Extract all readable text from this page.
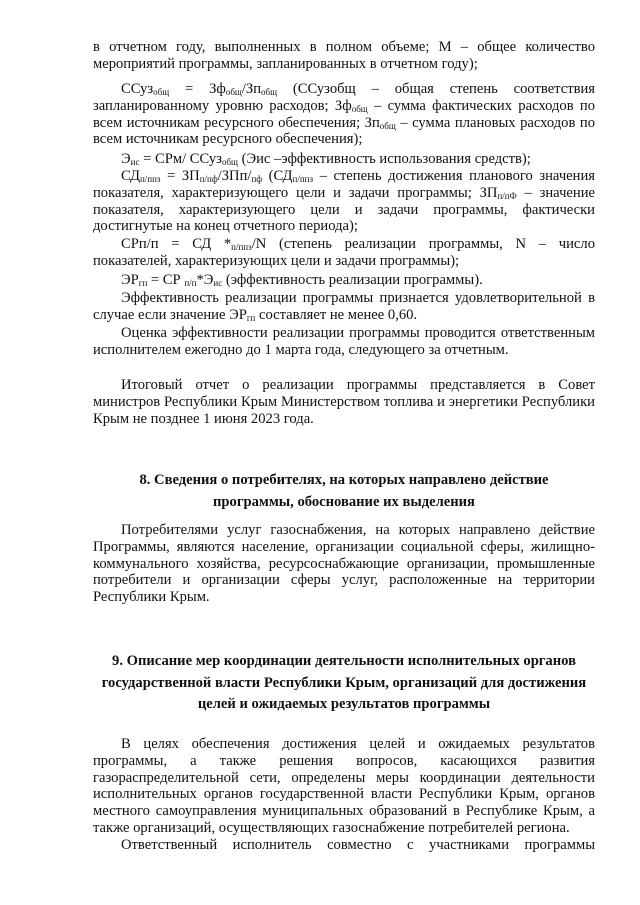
в отчетном году, выполненных в полном объеме; М – общее количество мероприятий программы, запланированных в отчетном году);
ССуз$_{общ}$ = $Зф_{общ}/Зп_{общ}$ (ССузобщ – общая степень соответствия запланированному уровню расходов; $Зф_{общ}$ – сумма фактических расходов по всем источникам ресурсного обеспечения; $Зп_{общ}$ – сумма плановых расходов по всем источникам ресурсного обеспечения);
$Э_{ис} = СРм/$ ССуз$_{общ}$ (Эис –эффективность использования средств);
$СД_{п/ппз} = ЗП_{п/пф}/ЗПп/_{пф}$ ($СД_{п/ппз}$ – степень достижения планового значения показателя, характеризующего цели и задачи программы; $ЗП_{п/пФ}$ – значение показателя, характеризующего цели и задачи программы, фактически достигнутые на конец отчетного периода);
СРп/п = СД $*_{п/ппз}/N$ (степень реализации программы, N – число показателей, характеризующих цели и задачи программы);
$ЭР_{гп}$ = СР $_{п/п}*Э_{ис}$ (эффективность реализации программы).
Эффективность реализации программы признается удовлетворительной в случае если значение $ЭР_{гп}$ составляет не менее 0,60.
Оценка эффективности реализации программы проводится ответственным исполнителем ежегодно до 1 марта года, следующего за отчетным.
Итоговый отчет о реализации программы представляется в Совет министров Республики Крым Министерством топлива и энергетики Республики Крым не позднее 1 июня 2023 года.
8. Сведения о потребителях, на которых направлено действие
программы, обоснование их выделения
Потребителями услуг газоснабжения, на которых направлено действие Программы, являются население, организации социальной сферы, жилищно-коммунального хозяйства, ресурсоснабжающие организации, промышленные потребители и организации сферы услуг, расположенные на территории Республики Крым.
9. Описание мер координации деятельности исполнительных органов
государственной власти Республики Крым, организаций для достижения
целей и ожидаемых результатов программы
В целях обеспечения достижения целей и ожидаемых результатов программы, а также решения вопросов, касающихся развития газораспределительной сети, определены меры координации деятельности исполнительных органов государственной власти Республики Крым, органов местного самоуправления муниципальных образований в Республике Крым, а также организаций, осуществляющих газоснабжение потребителей региона.
Ответственный исполнитель совместно с участниками программы
